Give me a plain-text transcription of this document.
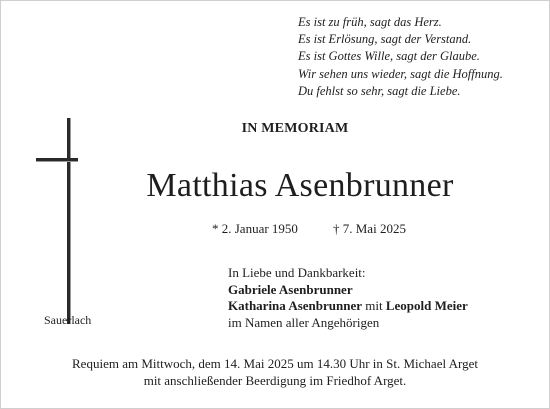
Es ist zu früh, sagt das Herz.
Es ist Erlösung, sagt der Verstand.
Es ist Gottes Wille, sagt der Glaube.
Wir sehen uns wieder, sagt die Hoffnung.
Du fehlst so sehr, sagt die Liebe.
IN MEMORIAM
Matthias Asenbrunner
* 2. Januar 1950	† 7. Mai 2025
In Liebe und Dankbarkeit:
Gabriele Asenbrunner
Katharina Asenbrunner mit Leopold Meier
im Namen aller Angehörigen
Sauerlach
Requiem am Mittwoch, dem 14. Mai 2025 um 14.30 Uhr in St. Michael Arget
mit anschließender Beerdigung im Friedhof Arget.
